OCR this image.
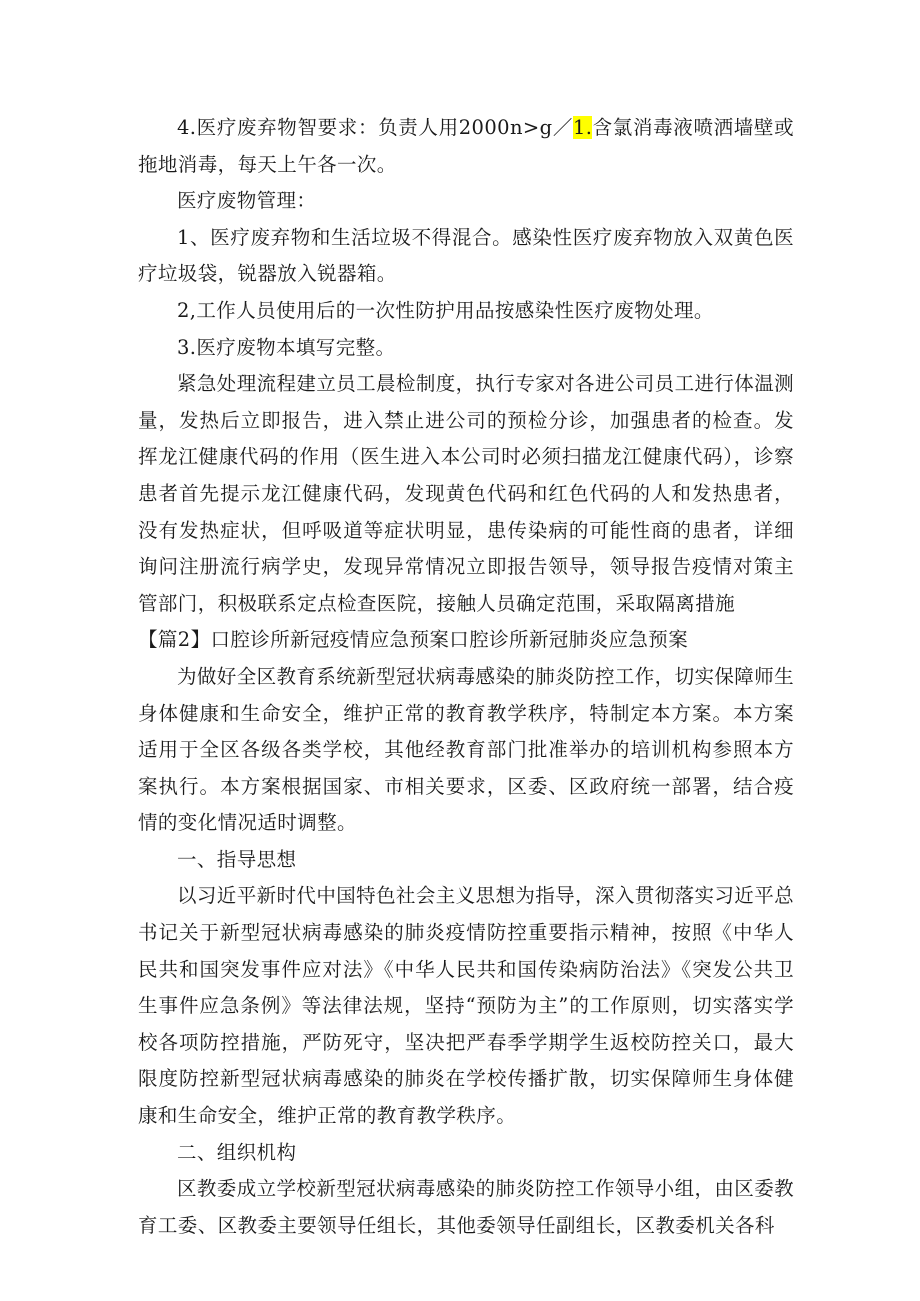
4.医疗废弃物智要求：负责人用2000n>g／1.含氯消毒液喷洒墙壁或拖地消毒，每天上午各一次。

医疗废物管理：

1、医疗废弃物和生活垃圾不得混合。感染性医疗废弃物放入双黄色医疗垃圾袋，锐器放入锐器箱。

2,工作人员使用后的一次性防护用品按感染性医疗废物处理。

3.医疗废物本填写完整。

紧急处理流程建立员工晨检制度，执行专家对各进公司员工进行体温测量，发热后立即报告，进入禁止进公司的预检分诊，加强患者的检查。发挥龙江健康代码的作用（医生进入本公司时必须扫描龙江健康代码），诊察患者首先提示龙江健康代码，发现黄色代码和红色代码的人和发热患者，没有发热症状，但呼吸道等症状明显，患传染病的可能性商的患者，详细询问注册流行病学史，发现异常情况立即报告领导，领导报告疫情对策主管部门，积极联系定点检查医院，接触人员确定范围，采取隔离措施

【篇2】口腔诊所新冠疫情应急预案口腔诊所新冠肺炎应急预案

为做好全区教育系统新型冠状病毒感染的肺炎防控工作，切实保障师生身体健康和生命安全，维护正常的教育教学秩序，特制定本方案。本方案适用于全区各级各类学校，其他经教育部门批准举办的培训机构参照本方案执行。本方案根据国家、市相关要求，区委、区政府统一部署，结合疫情的变化情况适时调整。

一、指导思想

以习近平新时代中国特色社会主义思想为指导，深入贯彻落实习近平总书记关于新型冠状病毒感染的肺炎疫情防控重要指示精神，按照《中华人民共和国突发事件应对法》《中华人民共和国传染病防治法》《突发公共卫生事件应急条例》等法律法规，坚持“预防为主”的工作原则，切实落实学校各项防控措施，严防死守，坚决把严春季学期学生返校防控关口，最大限度防控新型冠状病毒感染的肺炎在学校传播扩散，切实保障师生身体健康和生命安全，维护正常的教育教学秩序。

二、组织机构

区教委成立学校新型冠状病毒感染的肺炎防控工作领导小组，由区委教育工委、区教委主要领导任组长，其他委领导任副组长，区教委机关各科
